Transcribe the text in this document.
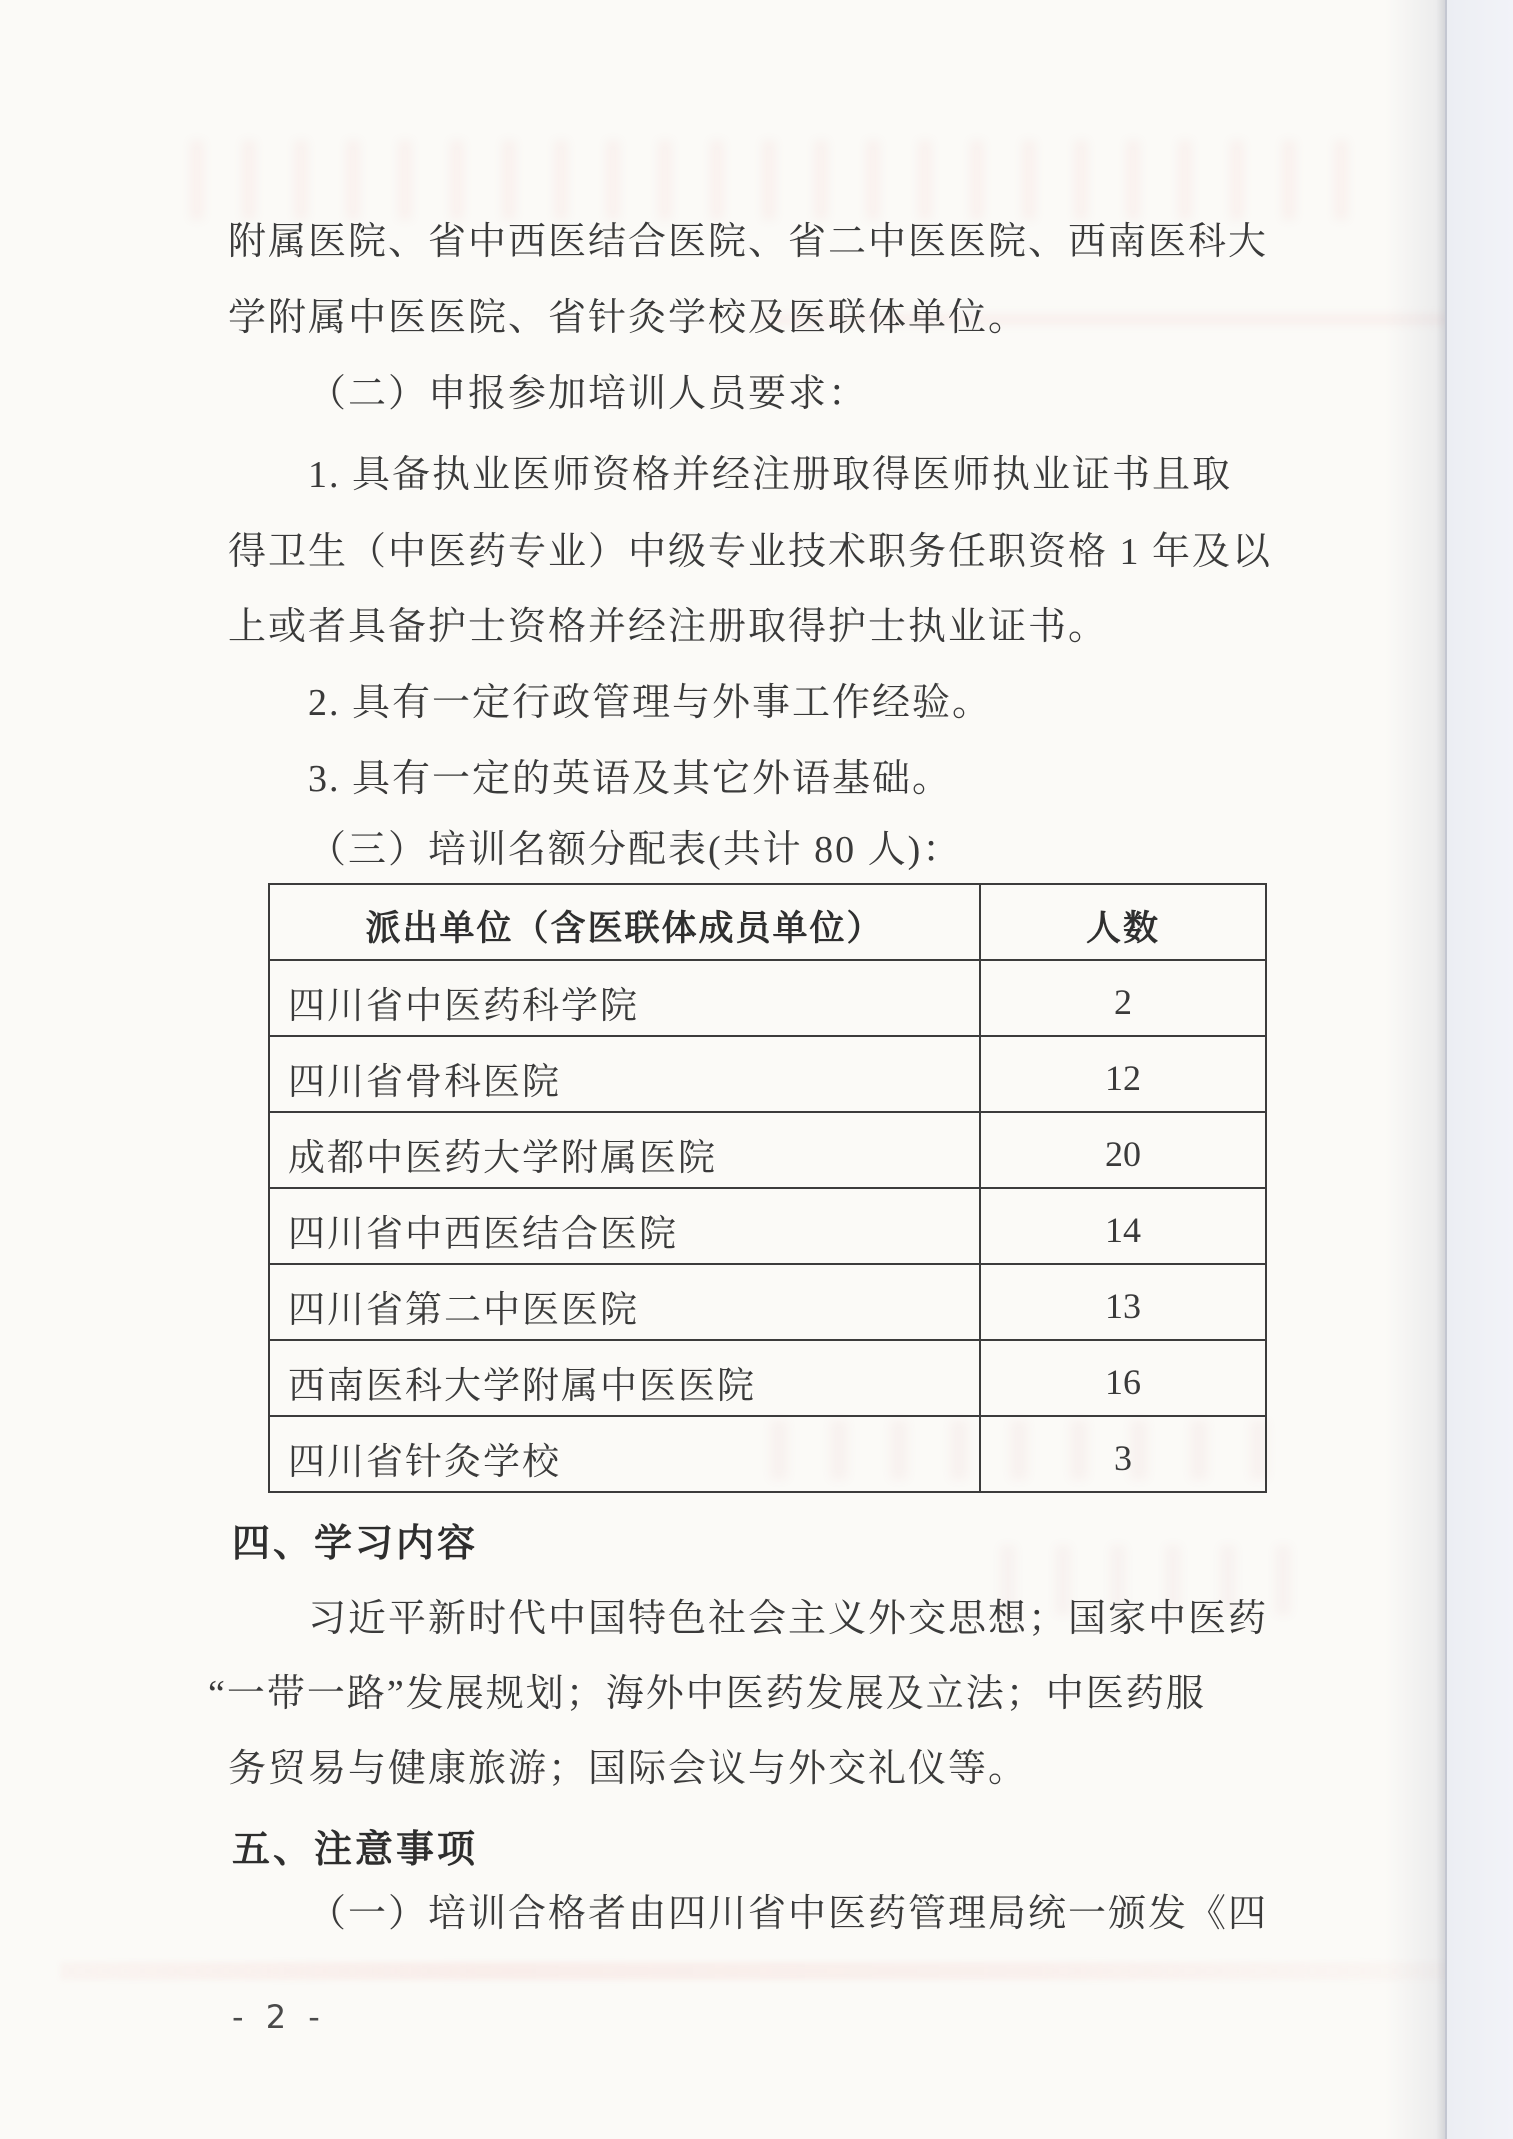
附属医院、省中西医结合医院、省二中医医院、西南医科大
学附属中医医院、省针灸学校及医联体单位。
（二）申报参加培训人员要求：
1. 具备执业医师资格并经注册取得医师执业证书且取
得卫生（中医药专业）中级专业技术职务任职资格 1 年及以
上或者具备护士资格并经注册取得护士执业证书。
2. 具有一定行政管理与外事工作经验。
3. 具有一定的英语及其它外语基础。
（三）培训名额分配表(共计 80 人)：
派出单位（含医联体成员单位）	人数
四川省中医药科学院	2
四川省骨科医院	12
成都中医药大学附属医院	20
四川省中西医结合医院	14
四川省第二中医医院	13
西南医科大学附属中医医院	16
四川省针灸学校	3
四、学习内容
习近平新时代中国特色社会主义外交思想；国家中医药
“一带一路”发展规划；海外中医药发展及立法；中医药服
务贸易与健康旅游；国际会议与外交礼仪等。
五、注意事项
（一）培训合格者由四川省中医药管理局统一颁发《四
- 2 -
